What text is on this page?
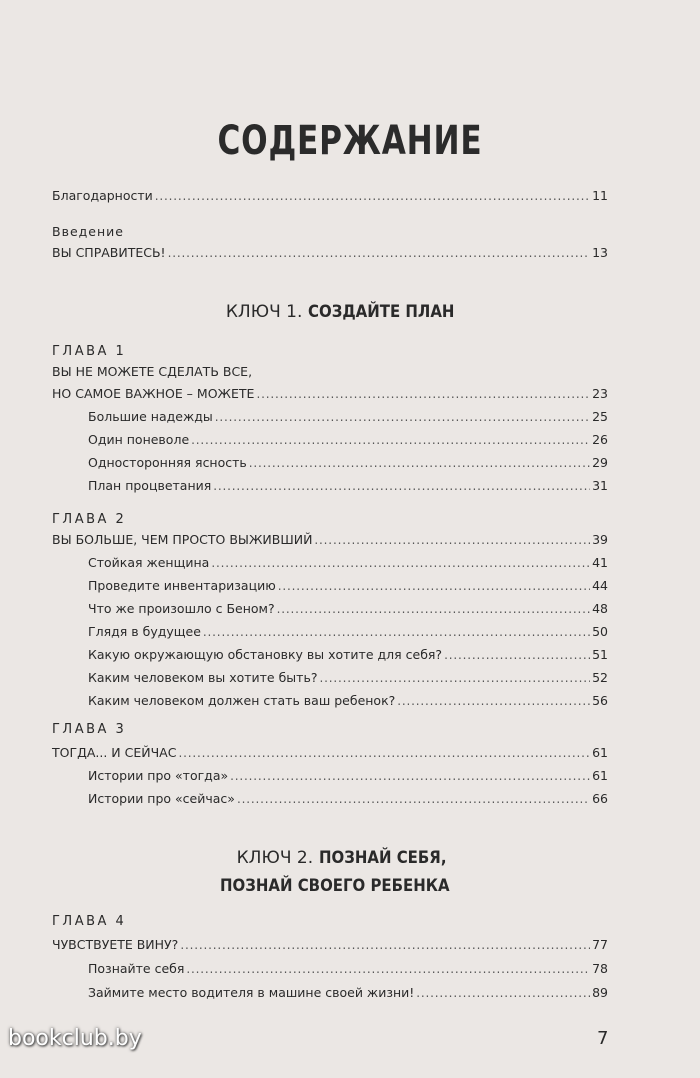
СОДЕРЖАНИЕ
Благодарности . . .	11
Введение
ВЫ СПРАВИТЕСЬ! . . .	13
КЛЮЧ 1. СОЗДАЙТЕ ПЛАН
ГЛАВА 1
ВЫ НЕ МОЖЕТЕ СДЕЛАТЬ ВСЕ,
НО САМОЕ ВАЖНОЕ – МОЖЕТЕ . . .	23
Большие надежды . . .	25
Один поневоле . . .	26
Односторонняя ясность . . .	29
План процветания . . .	31
ГЛАВА 2
ВЫ БОЛЬШЕ, ЧЕМ ПРОСТО ВЫЖИВШИЙ . . .	39
Стойкая женщина . . .	41
Проведите инвентаризацию . . .	44
Что же произошло с Беном? . . .	48
Глядя в будущее . . .	50
Какую окружающую обстановку вы хотите для себя? . . .	51
Каким человеком вы хотите быть? . . .	52
Каким человеком должен стать ваш ребенок? . . .	56
ГЛАВА 3
ТОГДА... И СЕЙЧАС . . .	61
Истории про «тогда» . . .	61
Истории про «сейчас» . . .	66
КЛЮЧ 2. ПОЗНАЙ СЕБЯ,
ПОЗНАЙ СВОЕГО РЕБЕНКА
ГЛАВА 4
ЧУВСТВУЕТЕ ВИНУ? . . .	77
Познайте себя . . .	78
Займите место водителя в машине своей жизни! . . .	89
bookclub.by	7
